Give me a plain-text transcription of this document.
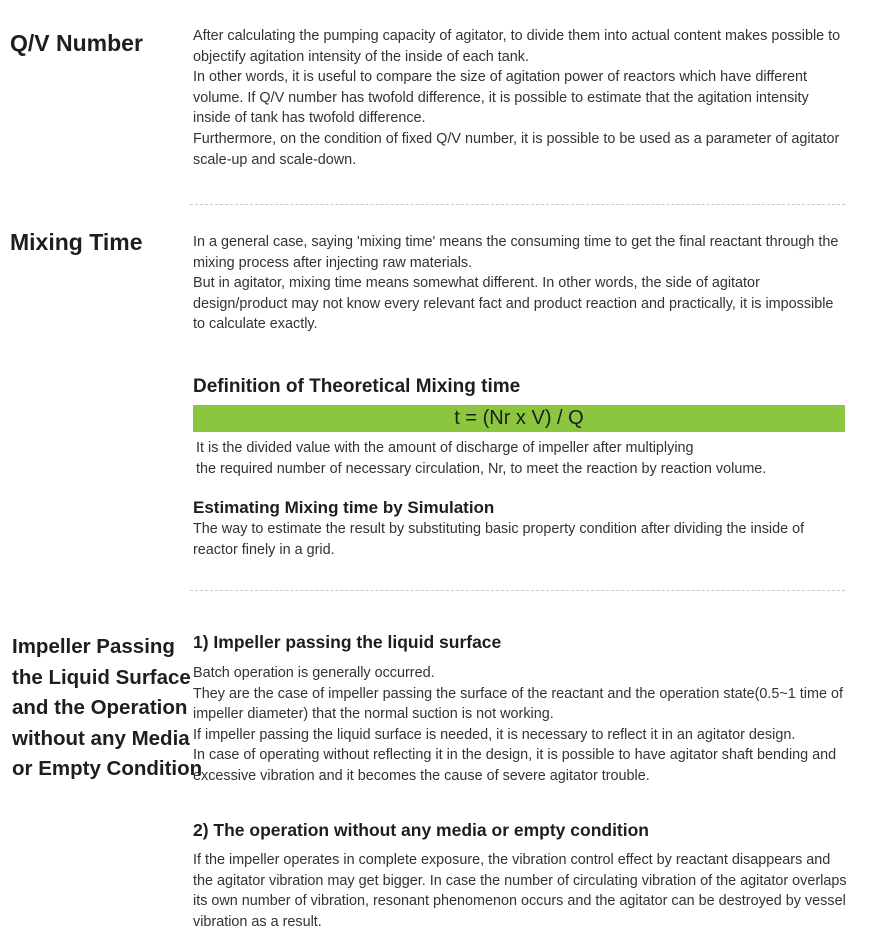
Q/V Number	After calculating the pumping capacity of agitator, to divide them into actual content makes possible to objectify agitation intensity of the inside of each tank.

In other words, it is useful to compare the size of agitation power of reactors which have different volume. If Q/V number has twofold difference, it is possible to estimate that the agitation intensity inside of tank has twofold difference.

Furthermore, on the condition of fixed Q/V number, it is possible to be used as a parameter of agitator scale-up and scale-down.

Mixing Time	In a general case, saying 'mixing time' means the consuming time to get the final reactant through the mixing process after injecting raw materials.

But in agitator, mixing time means somewhat different. In other words, the side of agitator design/product may not know every relevant fact and product reaction and practically, it is impossible to calculate exactly.

Definition of Theoretical Mixing time
t = (Nr x V) / Q

It is the divided value with the amount of discharge of impeller after multiplying

the required number of necessary circulation, Nr, to meet the reaction by reaction volume.

Estimating Mixing time by Simulation

The way to estimate the result by substituting basic property condition after dividing the inside of reactor finely in a grid.

Impeller Passing
the Liquid Surface
and the Operation
without any Media
or Empty Condition
1) Impeller passing the liquid surface

Batch operation is generally occurred.

They are the case of impeller passing the surface of the reactant and the operation state(0.5~1 time of impeller diameter) that the normal suction is not working.

If impeller passing the liquid surface is needed, it is necessary to reflect it in an agitator design.

In case of operating without reflecting it in the design, it is possible to have agitator shaft bending and excessive vibration and it becomes the cause of severe agitator trouble.

2) The operation without any media or empty condition

If the impeller operates in complete exposure, the vibration control effect by reactant disappears and the agitator vibration may get bigger. In case the number of circulating vibration of the agitator overlaps its own number of vibration, resonant phenomenon occurs and the agitator can be destroyed by vessel vibration as a result.
